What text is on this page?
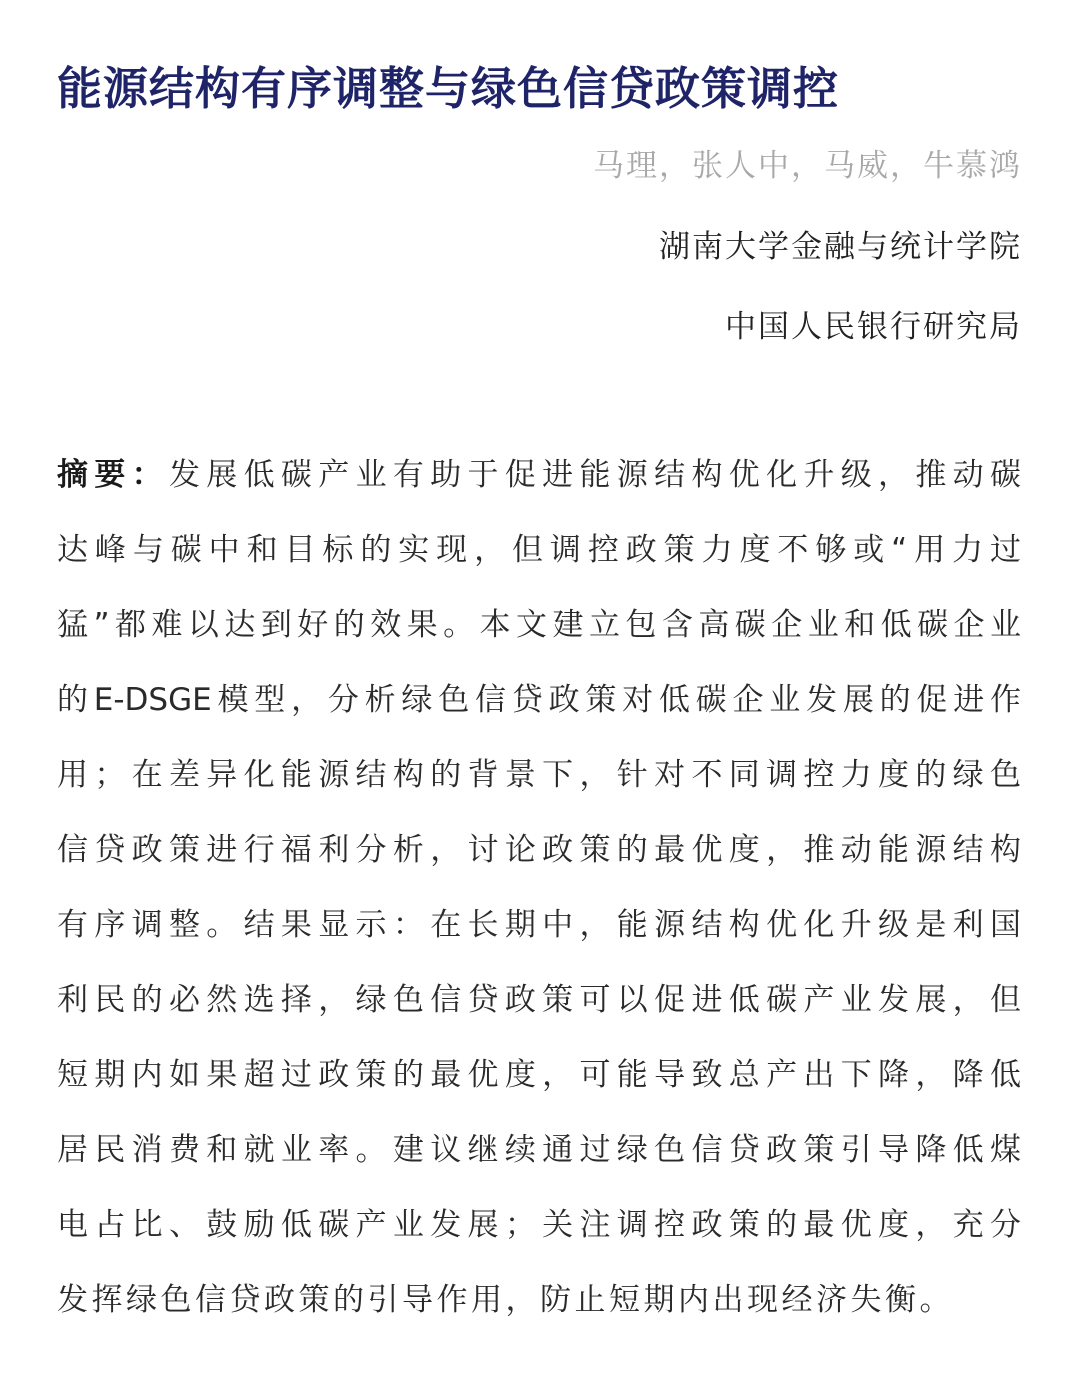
能源结构有序调整与绿色信贷政策调控
马理，张人中，马威，牛慕鸿
湖南大学金融与统计学院
中国人民银行研究局
摘要：发展低碳产业有助于促进能源结构优化升级，推动碳
达峰与碳中和目标的实现，但调控政策力度不够或“用力过
猛”都难以达到好的效果。本文建立包含高碳企业和低碳企业
的E-DSGE模型，分析绿色信贷政策对低碳企业发展的促进作
用；在差异化能源结构的背景下，针对不同调控力度的绿色
信贷政策进行福利分析，讨论政策的最优度，推动能源结构
有序调整。结果显示：在长期中，能源结构优化升级是利国
利民的必然选择，绿色信贷政策可以促进低碳产业发展，但
短期内如果超过政策的最优度，可能导致总产出下降，降低
居民消费和就业率。建议继续通过绿色信贷政策引导降低煤
电占比、鼓励低碳产业发展；关注调控政策的最优度，充分
发挥绿色信贷政策的引导作用，防止短期内出现经济失衡。
